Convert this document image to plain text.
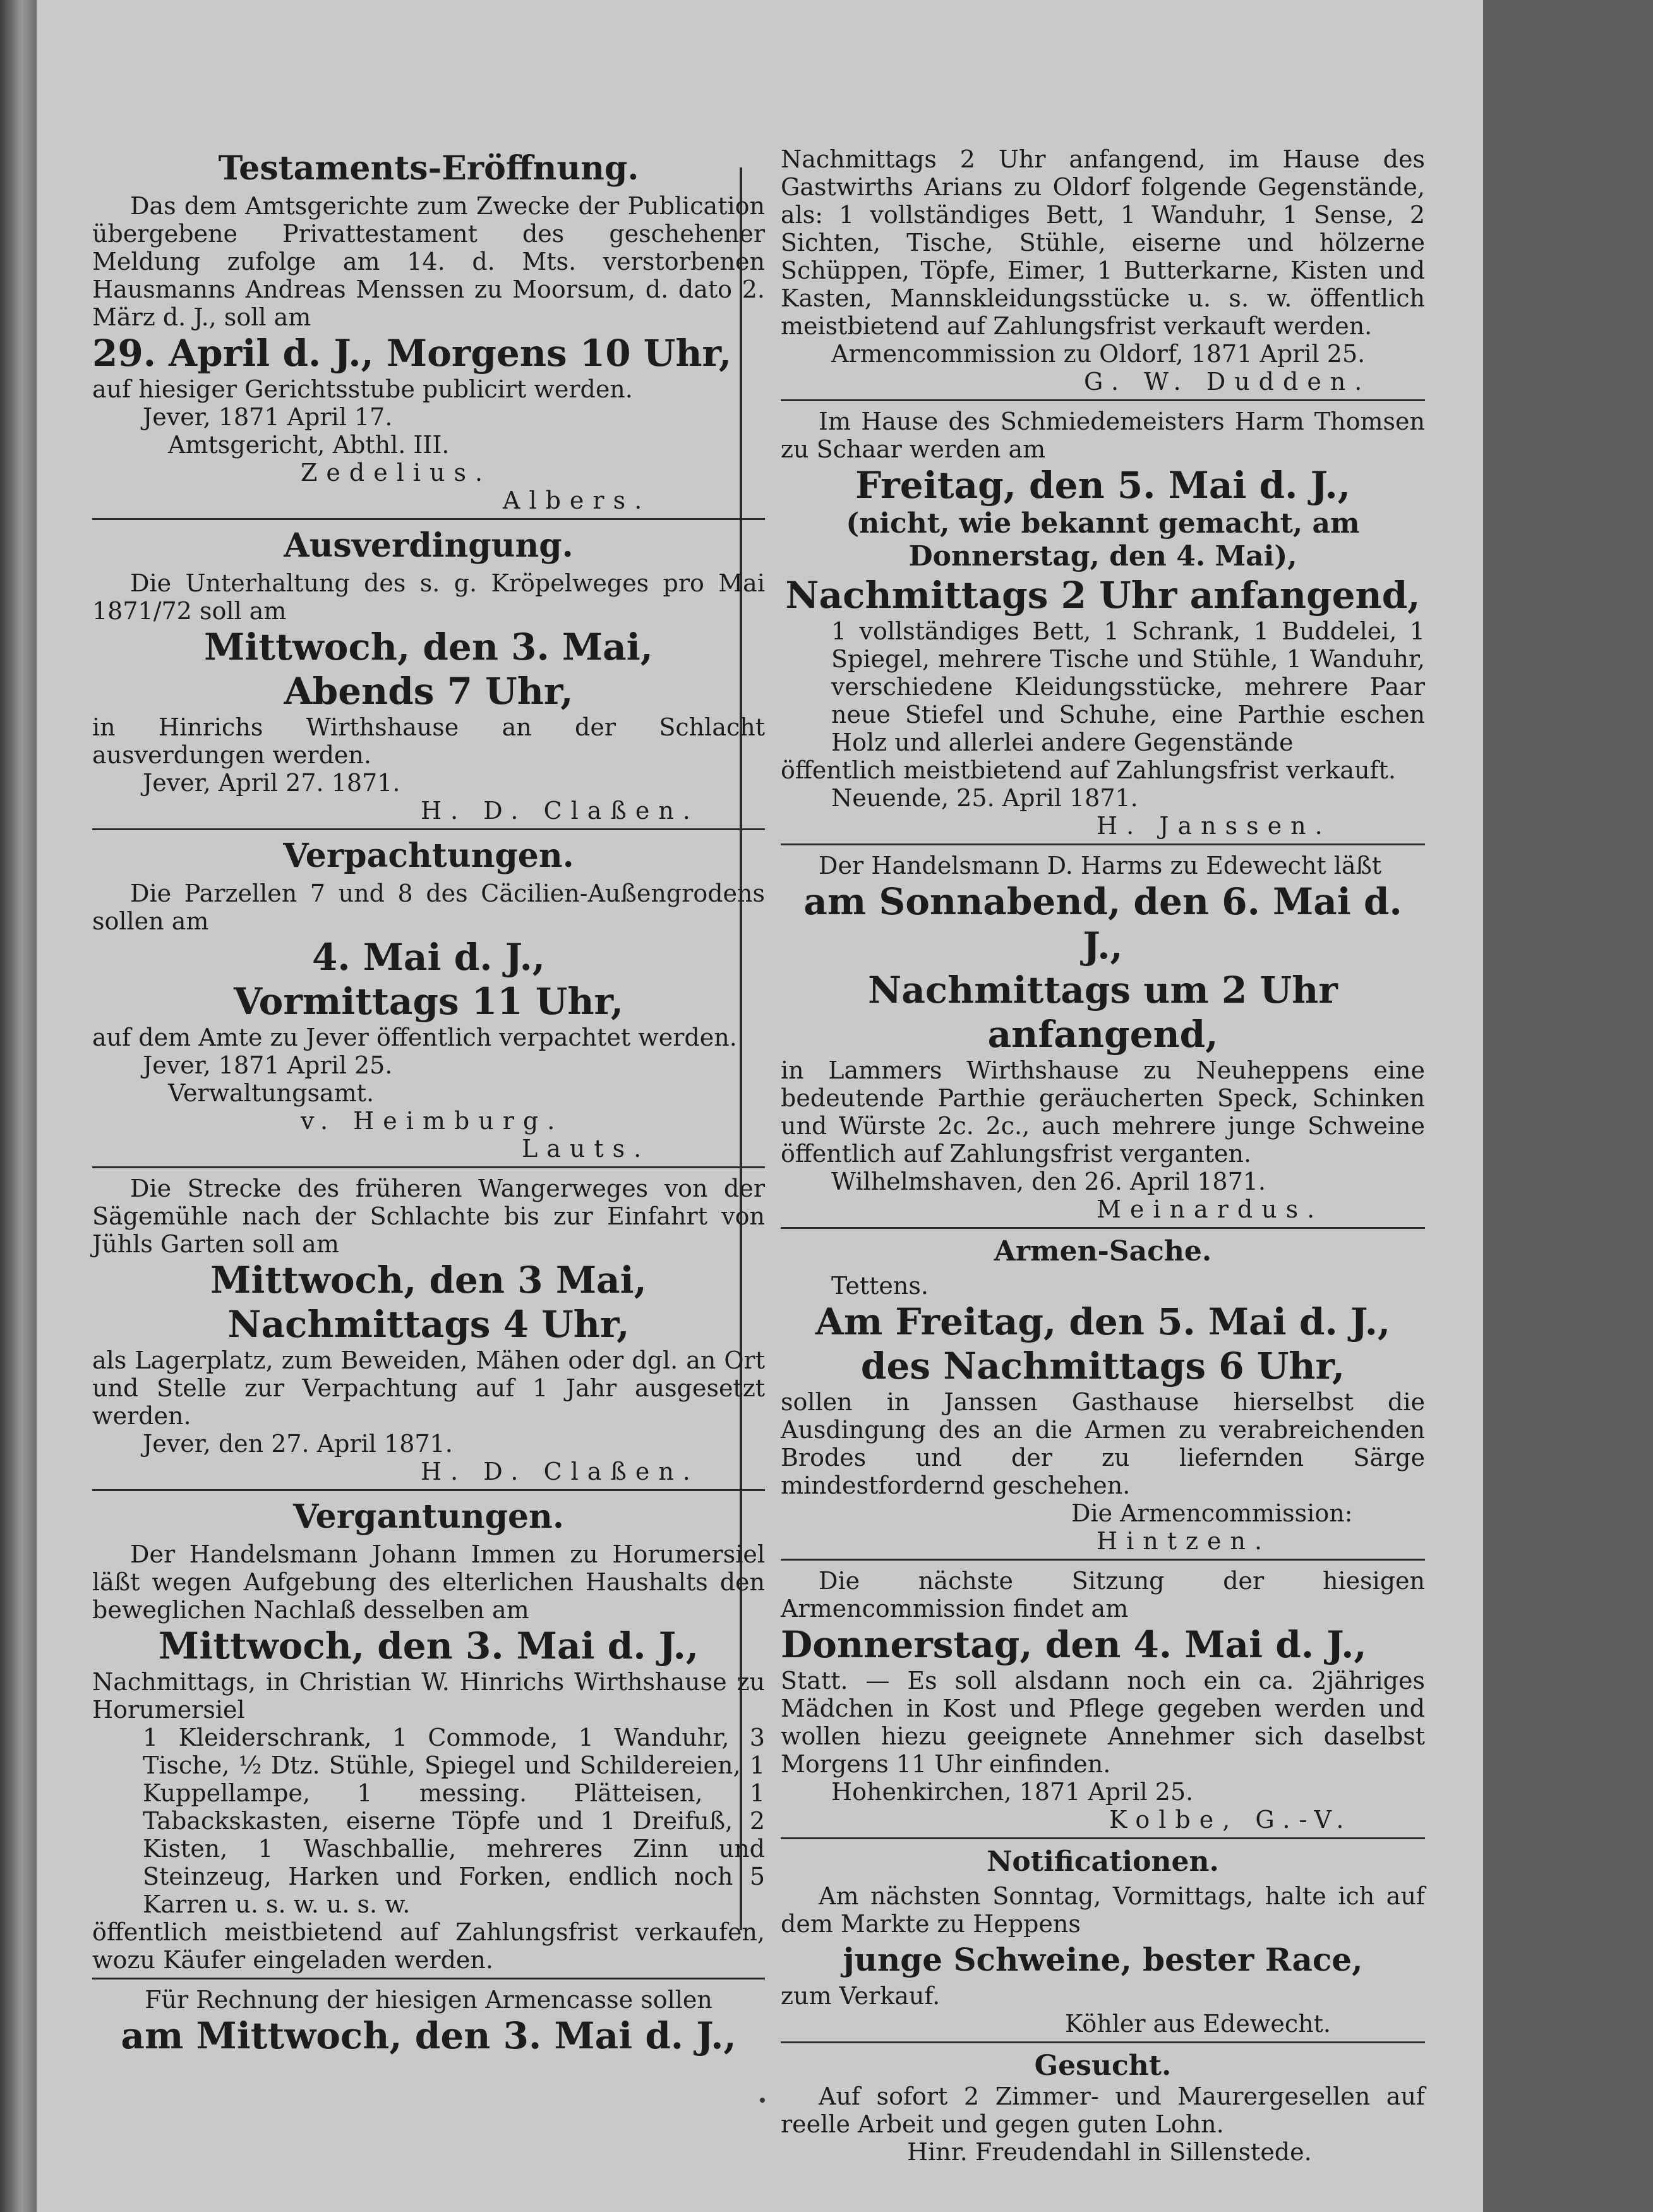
Testaments-Eröffnung.
Das dem Amtsgerichte zum Zwecke der Publication übergebene Privattestament des geschehener Meldung zufolge am 14. d. Mts. verstorbenen Hausmanns Andreas Menssen zu Moorsum, d. dato 2. März d. J., soll am
29. April d. J., Morgens 10 Uhr,
auf hiesiger Gerichtsstube publicirt werden.
Jever, 1871 April 17.
Amtsgericht, Abthl. III.
Zedelius.
Albers.
Ausverdingung.
Die Unterhaltung des s. g. Kröpelweges pro Mai 1871/72 soll am
Mittwoch, den 3. Mai,
Abends 7 Uhr,
in Hinrichs Wirthshause an der Schlacht ausverdungen werden.
Jever, April 27. 1871.
H. D. Claßen.
Verpachtungen.
Die Parzellen 7 und 8 des Cäcilien-Außengrodens sollen am
4. Mai d. J.,
Vormittags 11 Uhr,
auf dem Amte zu Jever öffentlich verpachtet werden.
Jever, 1871 April 25.
Verwaltungsamt.
v. Heimburg.
Lauts.
Die Strecke des früheren Wangerweges von der Sägemühle nach der Schlachte bis zur Einfahrt von Jühls Garten soll am
Mittwoch, den 3 Mai,
Nachmittags 4 Uhr,
als Lagerplatz, zum Beweiden, Mähen oder dgl. an Ort und Stelle zur Verpachtung auf 1 Jahr ausgesetzt werden.
Jever, den 27. April 1871.
H. D. Claßen.
Vergantungen.
Der Handelsmann Johann Immen zu Horumersiel läßt wegen Aufgebung des elterlichen Haushalts den beweglichen Nachlaß desselben am
Mittwoch, den 3. Mai d. J.,
Nachmittags, in Christian W. Hinrichs Wirthshause zu Horumersiel
1 Kleiderschrank, 1 Commode, 1 Wanduhr, 3 Tische, ½ Dtz. Stühle, Spiegel und Schildereien, 1 Kuppellampe, 1 messing. Plätteisen, 1 Tabackskasten, eiserne Töpfe und 1 Dreifuß, 2 Kisten, 1 Waschballie, mehreres Zinn und Steinzeug, Harken und Forken, endlich noch 5 Karren u. s. w. u. s. w.
öffentlich meistbietend auf Zahlungsfrist verkaufen, wozu Käufer eingeladen werden.
Für Rechnung der hiesigen Armencasse sollen
am Mittwoch, den 3. Mai d. J.,
Nachmittags 2 Uhr anfangend, im Hause des Gastwirths Arians zu Oldorf folgende Gegenstände, als: 1 vollständiges Bett, 1 Wanduhr, 1 Sense, 2 Sichten, Tische, Stühle, eiserne und hölzerne Schüppen, Töpfe, Eimer, 1 Butterkarne, Kisten und Kasten, Mannskleidungsstücke u. s. w. öffentlich meistbietend auf Zahlungsfrist verkauft werden.
Armencommission zu Oldorf, 1871 April 25.
G. W. Dudden.
Im Hause des Schmiedemeisters Harm Thomsen zu Schaar werden am
Freitag, den 5. Mai d. J.,
(nicht, wie bekannt gemacht, am Donnerstag, den 4. Mai),
Nachmittags 2 Uhr anfangend,
1 vollständiges Bett, 1 Schrank, 1 Buddelei, 1 Spiegel, mehrere Tische und Stühle, 1 Wanduhr, verschiedene Kleidungsstücke, mehrere Paar neue Stiefel und Schuhe, eine Parthie eschen Holz und allerlei andere Gegenstände
öffentlich meistbietend auf Zahlungsfrist verkauft.
Neuende, 25. April 1871.
H. Janssen.
Der Handelsmann D. Harms zu Edewecht läßt
am Sonnabend, den 6. Mai d. J.,
Nachmittags um 2 Uhr anfangend,
in Lammers Wirthshause zu Neuheppens eine bedeutende Parthie geräucherten Speck, Schinken und Würste 2c. 2c., auch mehrere junge Schweine öffentlich auf Zahlungsfrist verganten.
Wilhelmshaven, den 26. April 1871.
Meinardus.
Armen-Sache.
Tettens.
Am Freitag, den 5. Mai d. J.,
des Nachmittags 6 Uhr,
sollen in Janssen Gasthause hierselbst die Ausdingung des an die Armen zu verabreichenden Brodes und der zu liefernden Särge mindestfordernd geschehen.
Die Armencommission:
Hintzen.
Die nächste Sitzung der hiesigen Armencommission findet am
Donnerstag, den 4. Mai d. J.,
Statt. — Es soll alsdann noch ein ca. 2jähriges Mädchen in Kost und Pflege gegeben werden und wollen hiezu geeignete Annehmer sich daselbst Morgens 11 Uhr einfinden.
Hohenkirchen, 1871 April 25.
Kolbe, G.-V.
Notificationen.
Am nächsten Sonntag, Vormittags, halte ich auf dem Markte zu Heppens
junge Schweine, bester Race,
zum Verkauf.
Köhler aus Edewecht.
Gesucht.
Auf sofort 2 Zimmer- und Maurergesellen auf reelle Arbeit und gegen guten Lohn.
Hinr. Freudendahl in Sillenstede.
